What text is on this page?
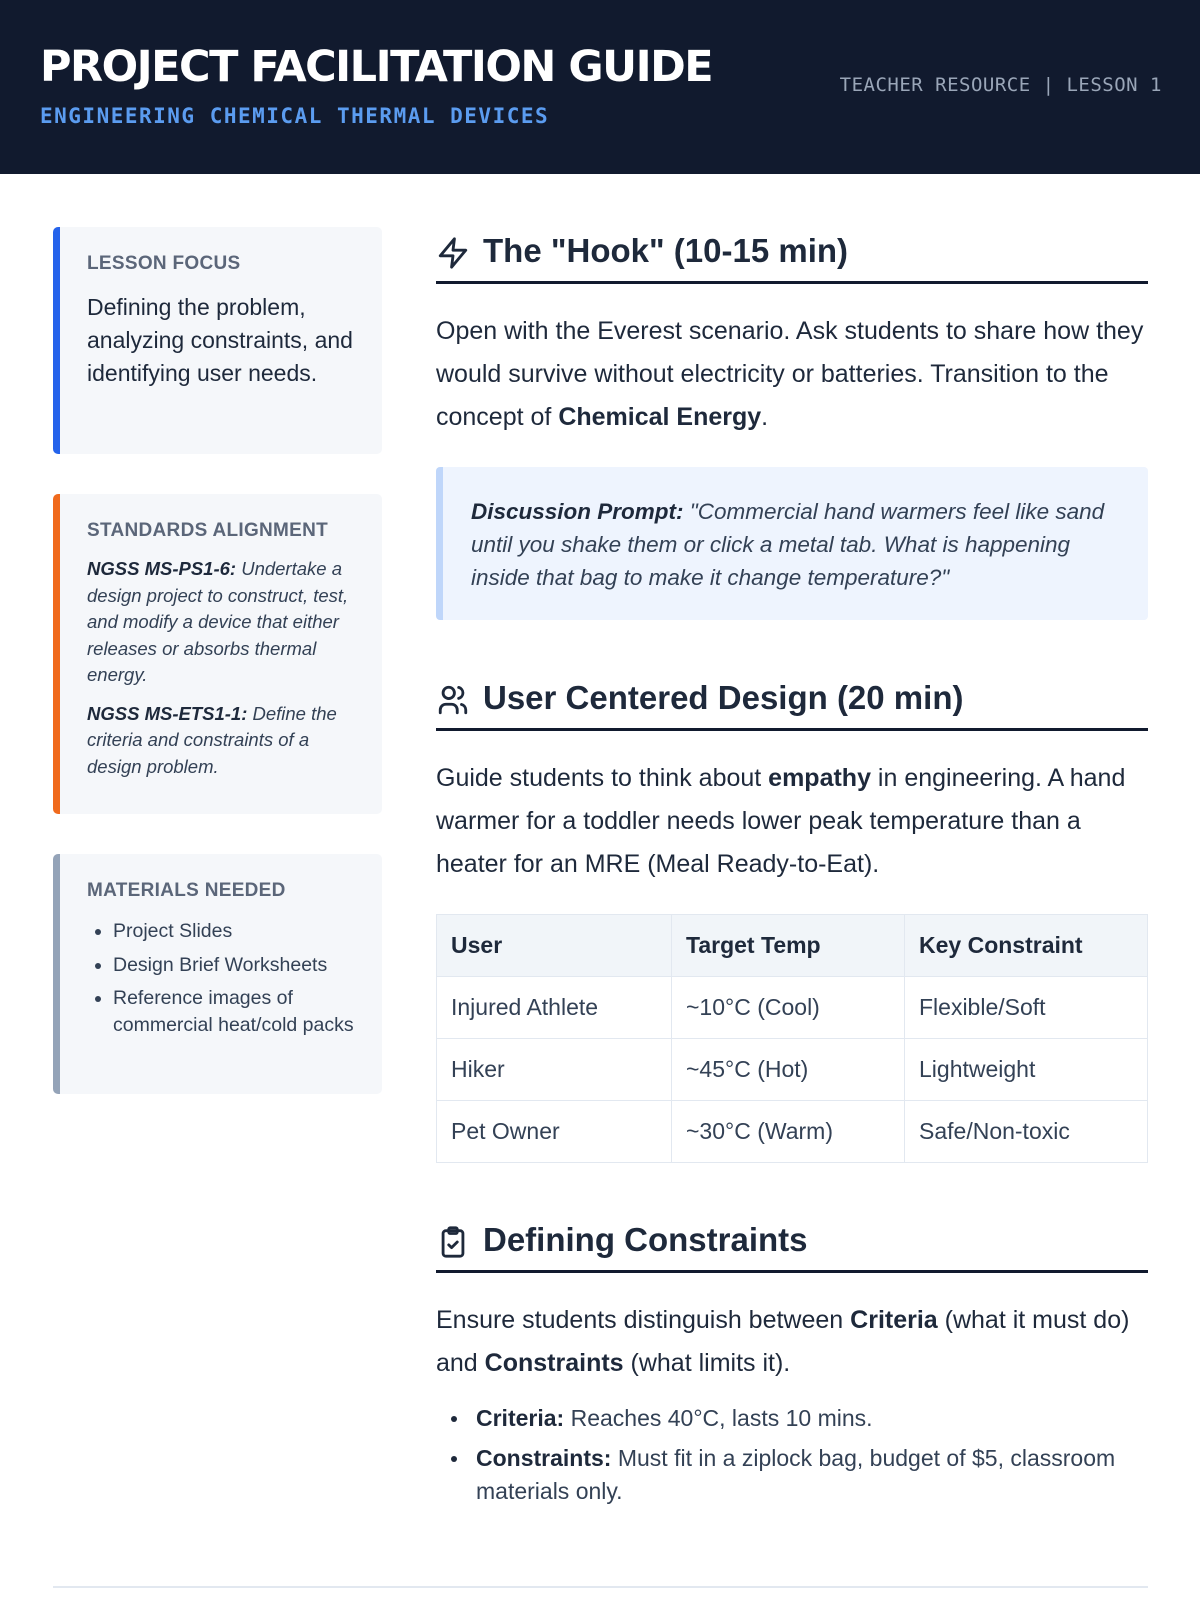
PROJECT FACILITATION GUIDE
ENGINEERING CHEMICAL THERMAL DEVICES
TEACHER RESOURCE | LESSON 1
LESSON FOCUS
Defining the problem, analyzing constraints, and identifying user needs.
STANDARDS ALIGNMENT
NGSS MS-PS1-6: Undertake a design project to construct, test, and modify a device that either releases or absorbs thermal energy.
NGSS MS-ETS1-1: Define the criteria and constraints of a design problem.
MATERIALS NEEDED
• Project Slides
• Design Brief Worksheets
• Reference images of commercial heat/cold packs
The "Hook" (10-15 min)
Open with the Everest scenario. Ask students to share how they would survive without electricity or batteries. Transition to the concept of Chemical Energy.
Discussion Prompt: "Commercial hand warmers feel like sand until you shake them or click a metal tab. What is happening inside that bag to make it change temperature?"
User Centered Design (20 min)
Guide students to think about empathy in engineering. A hand warmer for a toddler needs lower peak temperature than a heater for an MRE (Meal Ready-to-Eat).
User	Target Temp	Key Constraint
Injured Athlete	~10°C (Cool)	Flexible/Soft
Hiker	~45°C (Hot)	Lightweight
Pet Owner	~30°C (Warm)	Safe/Non-toxic
Defining Constraints
Ensure students distinguish between Criteria (what it must do) and Constraints (what limits it).
Criteria: Reaches 40°C, lasts 10 mins.
Constraints: Must fit in a ziplock bag, budget of $5, classroom materials only.
